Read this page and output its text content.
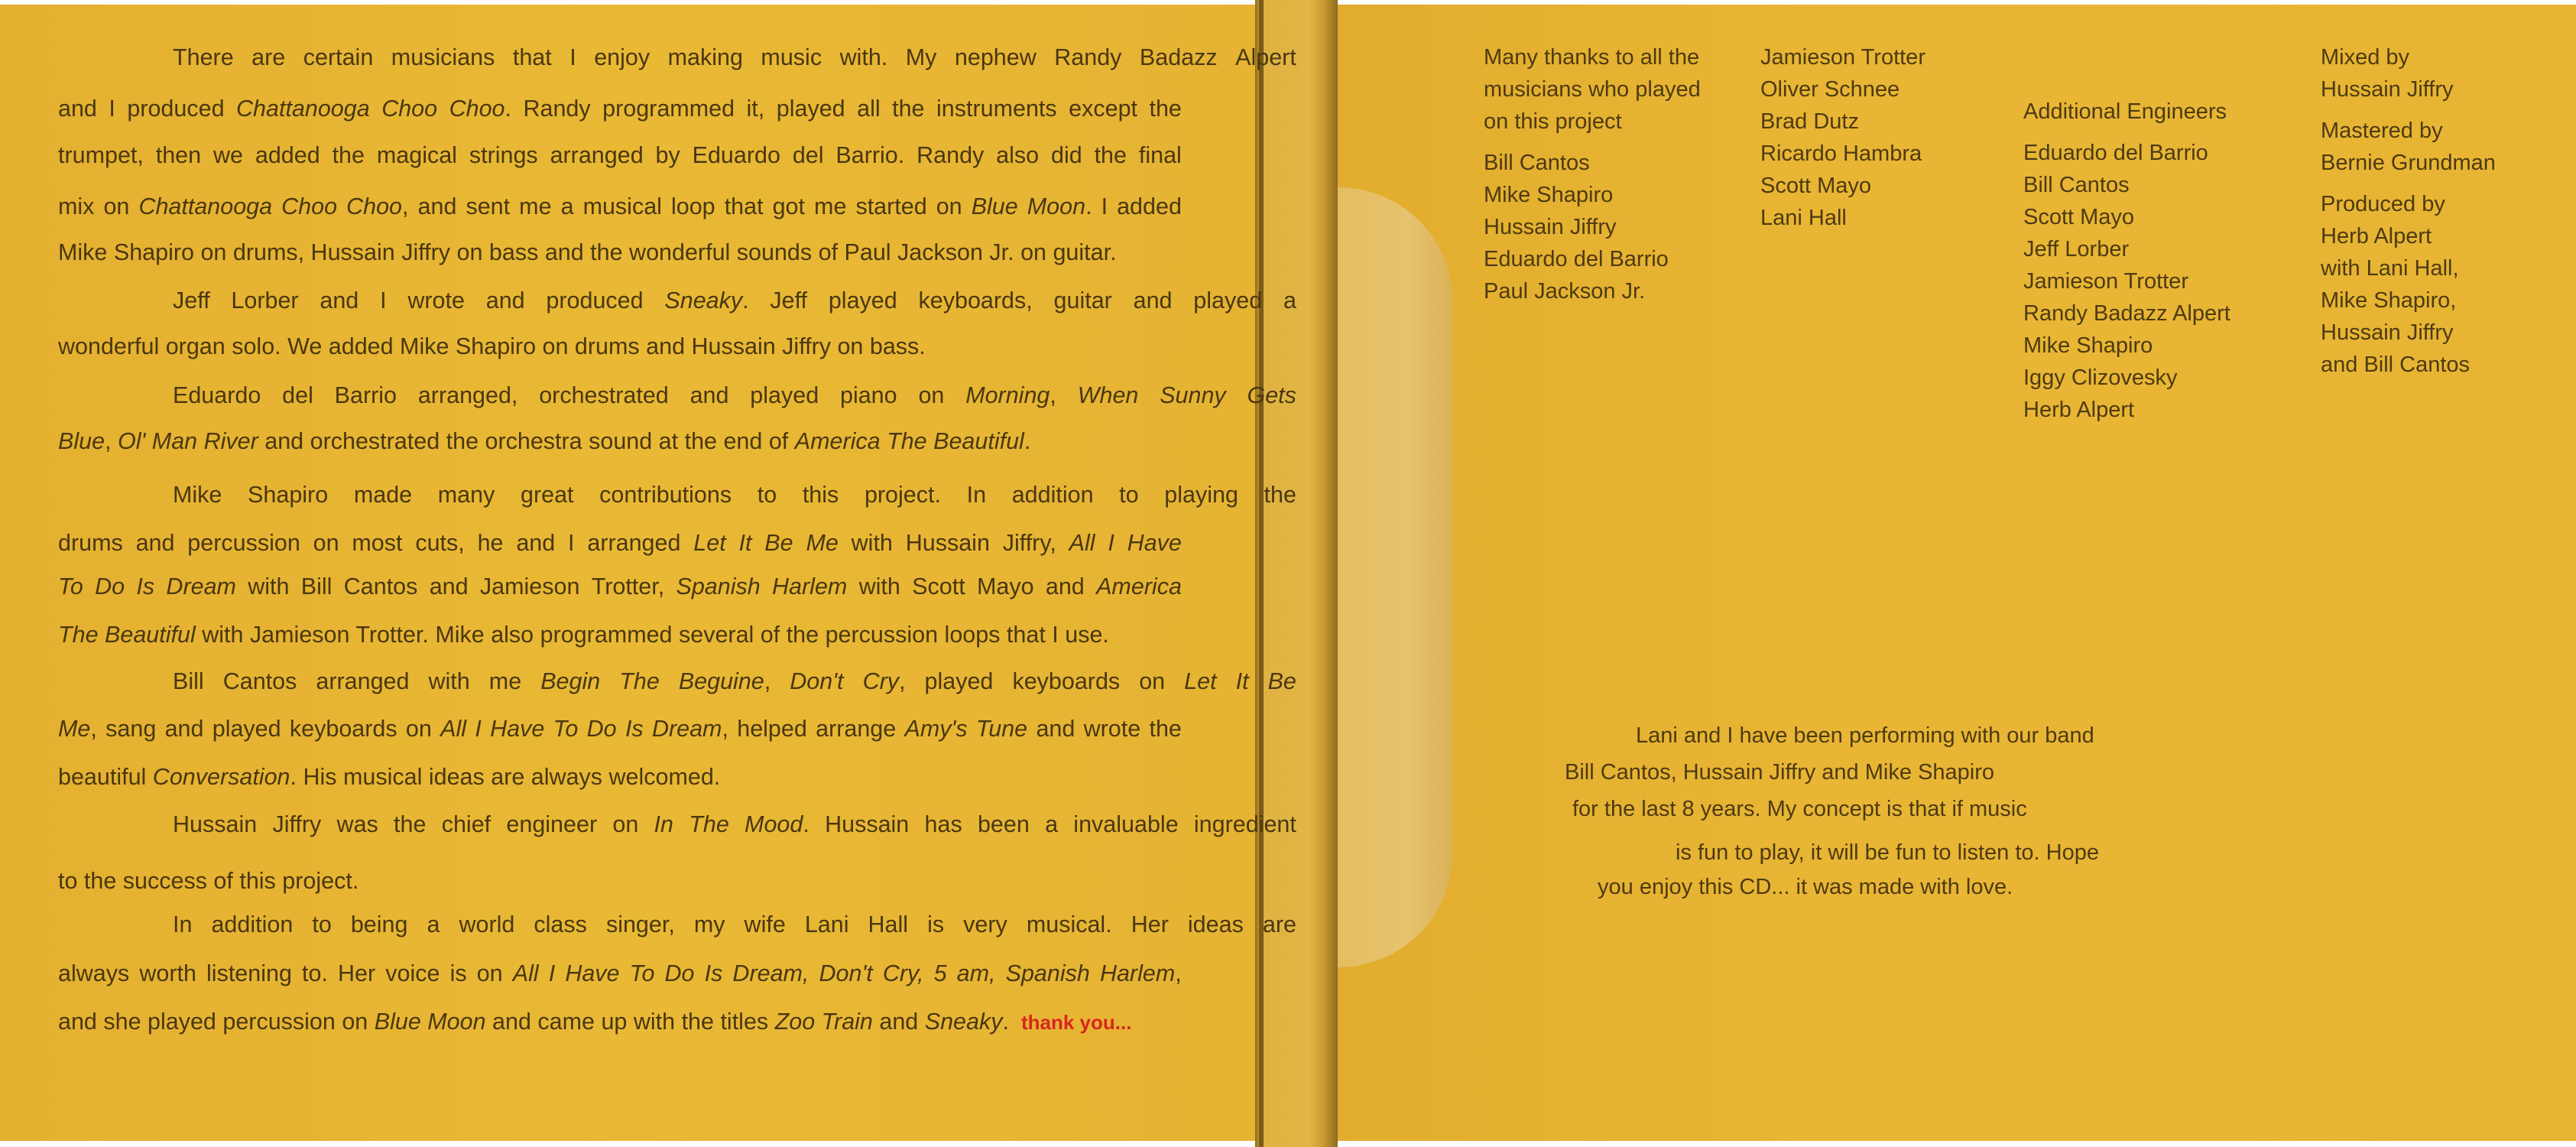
There are certain musicians that I enjoy making music with. My nephew Randy Badazz Alpert
and I produced Chattanooga Choo Choo. Randy programmed it, played all the instruments except the
trumpet, then we added the magical strings arranged by Eduardo del Barrio. Randy also did the final
mix on Chattanooga Choo Choo, and sent me a musical loop that got me started on Blue Moon. I added
Mike Shapiro on drums, Hussain Jiffry on bass and the wonderful sounds of Paul Jackson Jr. on guitar.
Jeff Lorber and I wrote and produced Sneaky. Jeff played keyboards, guitar and played a
wonderful organ solo. We added Mike Shapiro on drums and Hussain Jiffry on bass.
Eduardo del Barrio arranged, orchestrated and played piano on Morning, When Sunny Gets
Blue, Ol' Man River and orchestrated the orchestra sound at the end of America The Beautiful.
Mike Shapiro made many great contributions to this project. In addition to playing the
drums and percussion on most cuts, he and I arranged Let It Be Me with Hussain Jiffry, All I Have
To Do Is Dream with Bill Cantos and Jamieson Trotter, Spanish Harlem with Scott Mayo and America
The Beautiful with Jamieson Trotter. Mike also programmed several of the percussion loops that I use.
Bill Cantos arranged with me Begin The Beguine, Don't Cry, played keyboards on Let It Be
Me, sang and played keyboards on All I Have To Do Is Dream, helped arrange Amy's Tune and wrote the
beautiful Conversation. His musical ideas are always welcomed.
Hussain Jiffry was the chief engineer on In The Mood. Hussain has been a invaluable ingredient
to the success of this project.
In addition to being a world class singer, my wife Lani Hall is very musical. Her ideas are
always worth listening to. Her voice is on All I Have To Do Is Dream, Don't Cry, 5 am, Spanish Harlem,
and she played percussion on Blue Moon and came up with the titles Zoo Train and Sneaky. thank you...
Many thanks to all the
musicians who played
on this project
Bill Cantos
Mike Shapiro
Hussain Jiffry
Eduardo del Barrio
Paul Jackson Jr.
Jamieson Trotter
Oliver Schnee
Brad Dutz
Ricardo Hambra
Scott Mayo
Lani Hall
Additional Engineers
Eduardo del Barrio
Bill Cantos
Scott Mayo
Jeff Lorber
Jamieson Trotter
Randy Badazz Alpert
Mike Shapiro
Iggy Clizovesky
Herb Alpert
Mixed by
Hussain Jiffry
Mastered by
Bernie Grundman
Produced by
Herb Alpert
with Lani Hall,
Mike Shapiro,
Hussain Jiffry
and Bill Cantos
Lani and I have been performing with our band
Bill Cantos, Hussain Jiffry and Mike Shapiro
for the last 8 years. My concept is that if music
is fun to play, it will be fun to listen to. Hope
you enjoy this CD... it was made with love.
